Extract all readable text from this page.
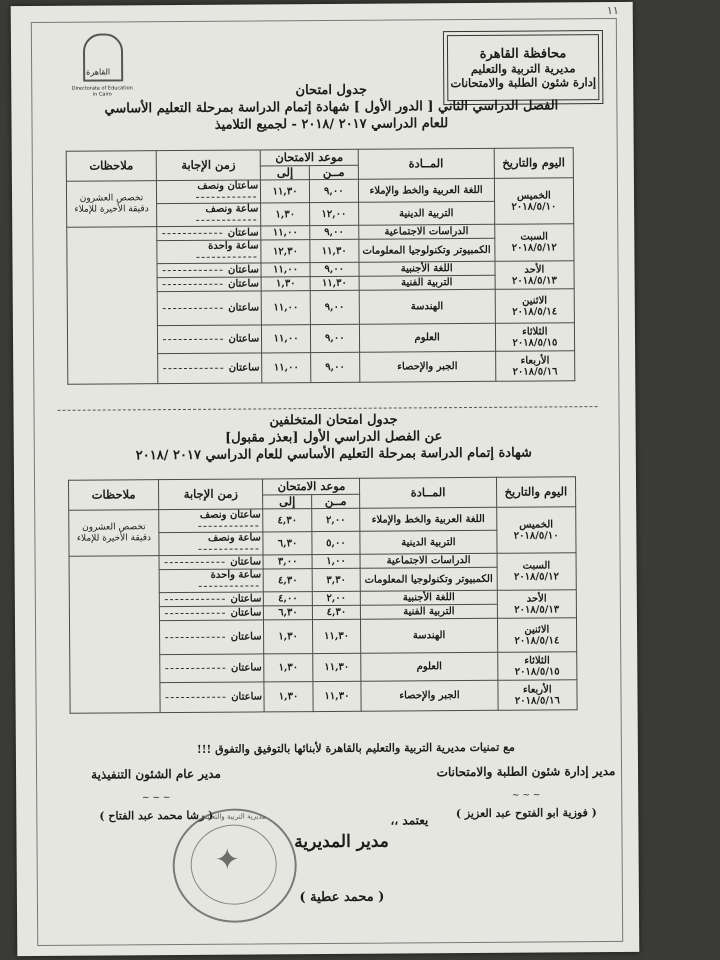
١١
محافظة القاهرة
مديرية التربية والتعليم
إدارة شئون الطلبة والامتحانات
القاهرة
Directorate of Education in Cairo	جدول امتحان
الفصل الدراسي الثاني [ الدور الأول ] شهادة إتمام الدراسة بمرحلة التعليم الأساسي
للعام الدراسي ٢٠١٧ /٢٠١٨ - لجميع التلاميذ
اليوم والتاريخ	المــادة	موعد الامتحان		زمن الإجابة	ملاحظات
		مــن	إلى		

الخميس
٢٠١٨/٥/١٠	اللغة العربية والخط والإملاء	٩,٠٠	١١,٣٠	ساعتان ونصف	تخصص العشرون دقيقة الأخيرة للإملاء
	التربية الدينية	١٢,٠٠	١,٣٠	ساعة ونصف	

السبت
٢٠١٨/٥/١٢	الدراسات الاجتماعية	٩,٠٠	١١,٠٠	ساعتان	
	الكمبيوتر وتكنولوجيا المعلومات	١١,٣٠	١٢,٣٠	ساعة واحدة	

الأحد
٢٠١٨/٥/١٣	اللغة الأجنبية	٩,٠٠	١١,٠٠	ساعتان	
	التربية الفنية	١١,٣٠	١,٣٠	ساعتان	

الاثنين
٢٠١٨/٥/١٤	الهندسة	٩,٠٠	١١,٠٠	ساعتان	

الثلاثاء
٢٠١٨/٥/١٥	العلوم	٩,٠٠	١١,٠٠	ساعتان	

الأربعاء
٢٠١٨/٥/١٦	الجبر والإحصاء	٩,٠٠	١١,٠٠	ساعتان	
جدول امتحان المتخلفين
عن الفصل الدراسي الأول [بعذر مقبول]
شهادة إتمام الدراسة بمرحلة التعليم الأساسي للعام الدراسي ٢٠١٧ /٢٠١٨
اليوم والتاريخ	المــادة	موعد الامتحان		زمن الإجابة	ملاحظات
		مــن	إلى		

الخميس
٢٠١٨/٥/١٠	اللغة العربية والخط والإملاء	٢,٠٠	٤,٣٠	ساعتان ونصف	تخصص العشرون دقيقة الأخيرة للإملاء
	التربية الدينية	٥,٠٠	٦,٣٠	ساعة ونصف	

السبت
٢٠١٨/٥/١٢	الدراسات الاجتماعية	١,٠٠	٣,٠٠	ساعتان	
	الكمبيوتر وتكنولوجيا المعلومات	٣,٣٠	٤,٣٠	ساعة واحدة	

الأحد
٢٠١٨/٥/١٣	اللغة الأجنبية	٢,٠٠	٤,٠٠	ساعتان	
	التربية الفنية	٤,٣٠	٦,٣٠	ساعتان	

الاثنين
٢٠١٨/٥/١٤	الهندسة	١١,٣٠	١,٣٠	ساعتان	

الثلاثاء
٢٠١٨/٥/١٥	العلوم	١١,٣٠	١,٣٠	ساعتان	

الأربعاء
٢٠١٨/٥/١٦	الجبر والإحصاء	١١,٣٠	١,٣٠	ساعتان	
مع تمنيات مديرية التربية والتعليم بالقاهرة لأبنائها بالتوفيق والتفوق !!!
مدير إدارة شئون الطلبة والامتحانات
~ ~ ~
( فوزية ابو الفتوح عبد العزيز )
مدير عام الشئون التنفيذية
~ ~ ~
( رشا محمد عبد الفتاح )	يعتمد ،،
مدير المديرية
( محمد عطية )
مديرية التربية والتعليم
✦
